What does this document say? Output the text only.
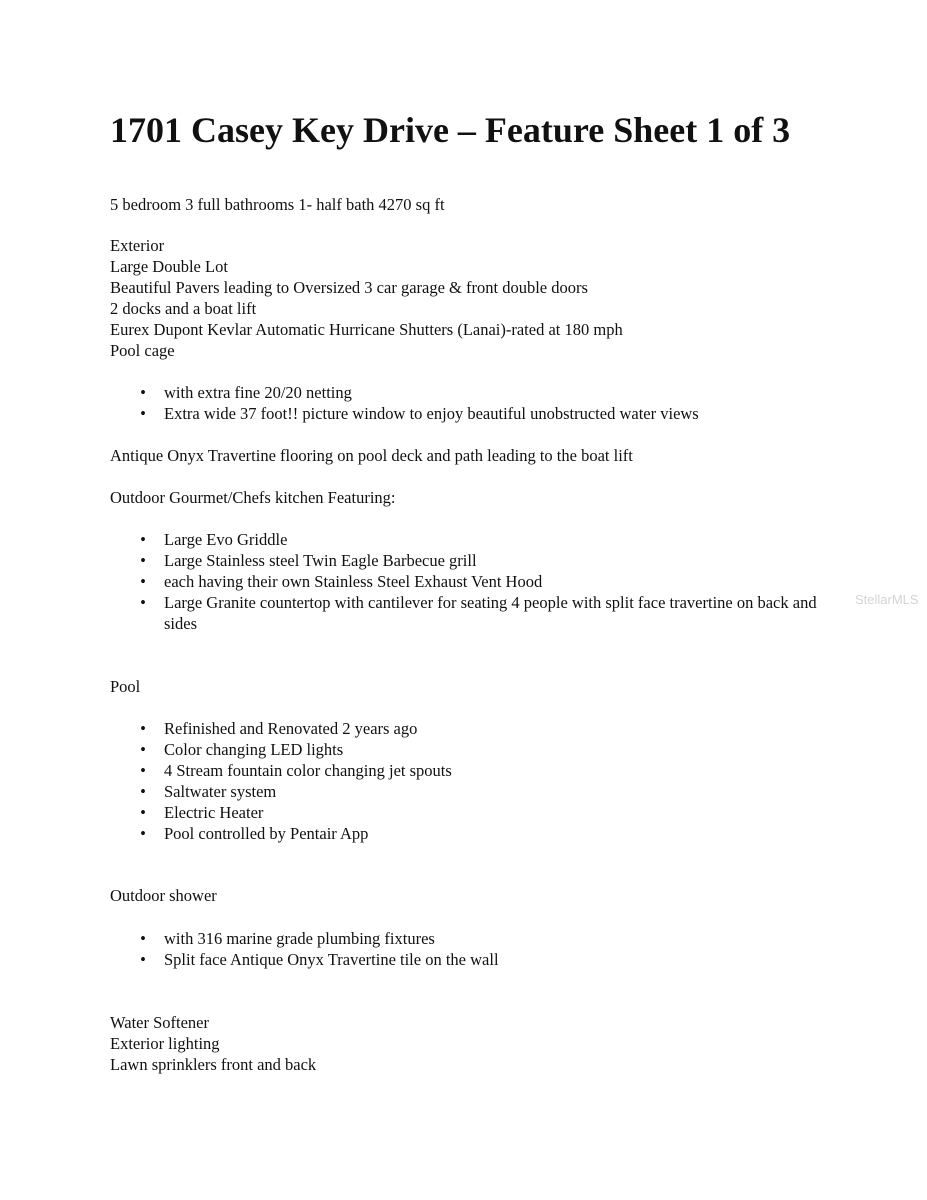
1701 Casey Key Drive – Feature Sheet 1 of 3

5 bedroom 3 full bathrooms 1- half bath 4270 sq ft

Exterior

Large Double Lot

Beautiful Pavers leading to Oversized 3 car garage & front double doors

2 docks and a boat lift

Eurex Dupont Kevlar Automatic Hurricane Shutters (Lanai)-rated at 180 mph

Pool cage

• with extra fine 20/20 netting
• Extra wide 37 foot!! picture window to enjoy beautiful unobstructed water views

Antique Onyx Travertine flooring on pool deck and path leading to the boat lift

Outdoor Gourmet/Chefs kitchen Featuring:

• Large Evo Griddle
• Large Stainless steel Twin Eagle Barbecue grill
• each having their own Stainless Steel Exhaust Vent Hood
• Large Granite countertop with cantilever for seating 4 people with split face travertine on back and sides

Pool

• Refinished and Renovated 2 years ago
• Color changing LED lights
• 4 Stream fountain color changing jet spouts
• Saltwater system
• Electric Heater
• Pool controlled by Pentair App

Outdoor shower

• with 316 marine grade plumbing fixtures
• Split face Antique Onyx Travertine tile on the wall

Water Softener

Exterior lighting

Lawn sprinklers front and back

StellarMLS
